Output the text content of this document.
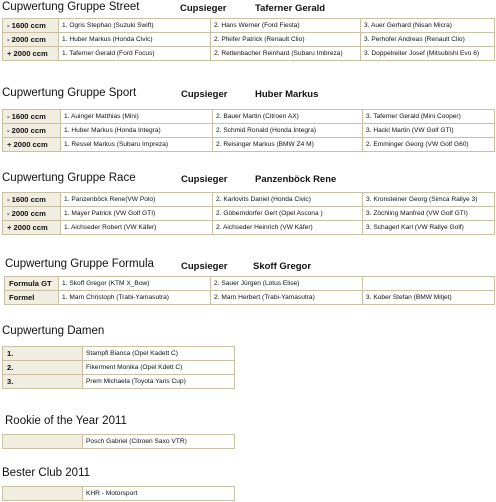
Cupwertung Gruppe Street	Cupsieger	Taferner Gerald
- 1600 ccm	1. Ogris Stephan (Suzuki Swift)	2. Hans Werner (Ford Fiesta)	3. Auer Gerhard (Nisan Micra)
- 2000 ccm	1. Huber Markus (Honda Civic)	2. Pfeifer Patrick (Renault Clio)	3. Perhofer Andreas (Renault Clio)
+ 2000 ccm	1. Taferner Gerald (Ford Focus)	2. Rettenbacher Reinhard (Subaru Imbreza)	3. Doppelreiter Josef (Mitsubishi Evo 6)
Cupwertung Gruppe Sport	Cupsieger	Huber Markus
- 1600 ccm	1. Auinger Matthias (Mini)	2. Bauer Martin (Citroen AX)	3. Taferner Gerald (Mini Cooper)
- 2000 ccm	1. Huber Markus (Honda Integra)	2. Schmid Ronald (Honda Integra)	3. Hackl Martin (VW Golf GTI)
+ 2000 ccm	1. Ressel Markus (Subaru Impreza)	2. Reisinger Markus (BMW Z4 M)	2. Emminger Georg (VW Golf G60)
Cupwertung Gruppe Race	Cupsieger	Panzenböck Rene
- 1600 ccm	1. Panzenböck Rene(VW Polo)	2. Karlovits Daniel (Honda Civic)	3. Kronsteiner Georg (Simca Rallye 3)
- 2000 ccm	1. Mayer Patrick (VW Golf GTI)	2. Göberndorfer Gert (Opel Ascona )	3. Zöchling Manfred (VW Golf GTI)
+ 2000 ccm	1. Aichseder Robert (VW Käfer)	2. Aichseder Heinrich (VW Käfer)	3. Schagerl Karl (VW Rallye Golf)
Cupwertung Gruppe Formula	Cupsieger	Skoff Gregor
Formula GT	1. Skoff Gregor (KTM X_Bow)	2. Sauer Jürgen (Lotus Elise)	
Formel	1. Marn Christoph (Trabi-Yamasutra)	2. Marn Herbert (Trabi-Yamasutra)	3. Kober Stefan (BMW Mitjet)
Cupwertung Damen
1.	Stampfl Bianca (Opel Kadett C)
2.	Fikerment Monika (Opel Kdett C)
3.	Prem Michaela (Toyota Yaris Cup)
Rookie of the Year 2011
	Posch Gabriel (Citroen Saxo VTR)
Bester Club 2011
	KHR - Motorsport
